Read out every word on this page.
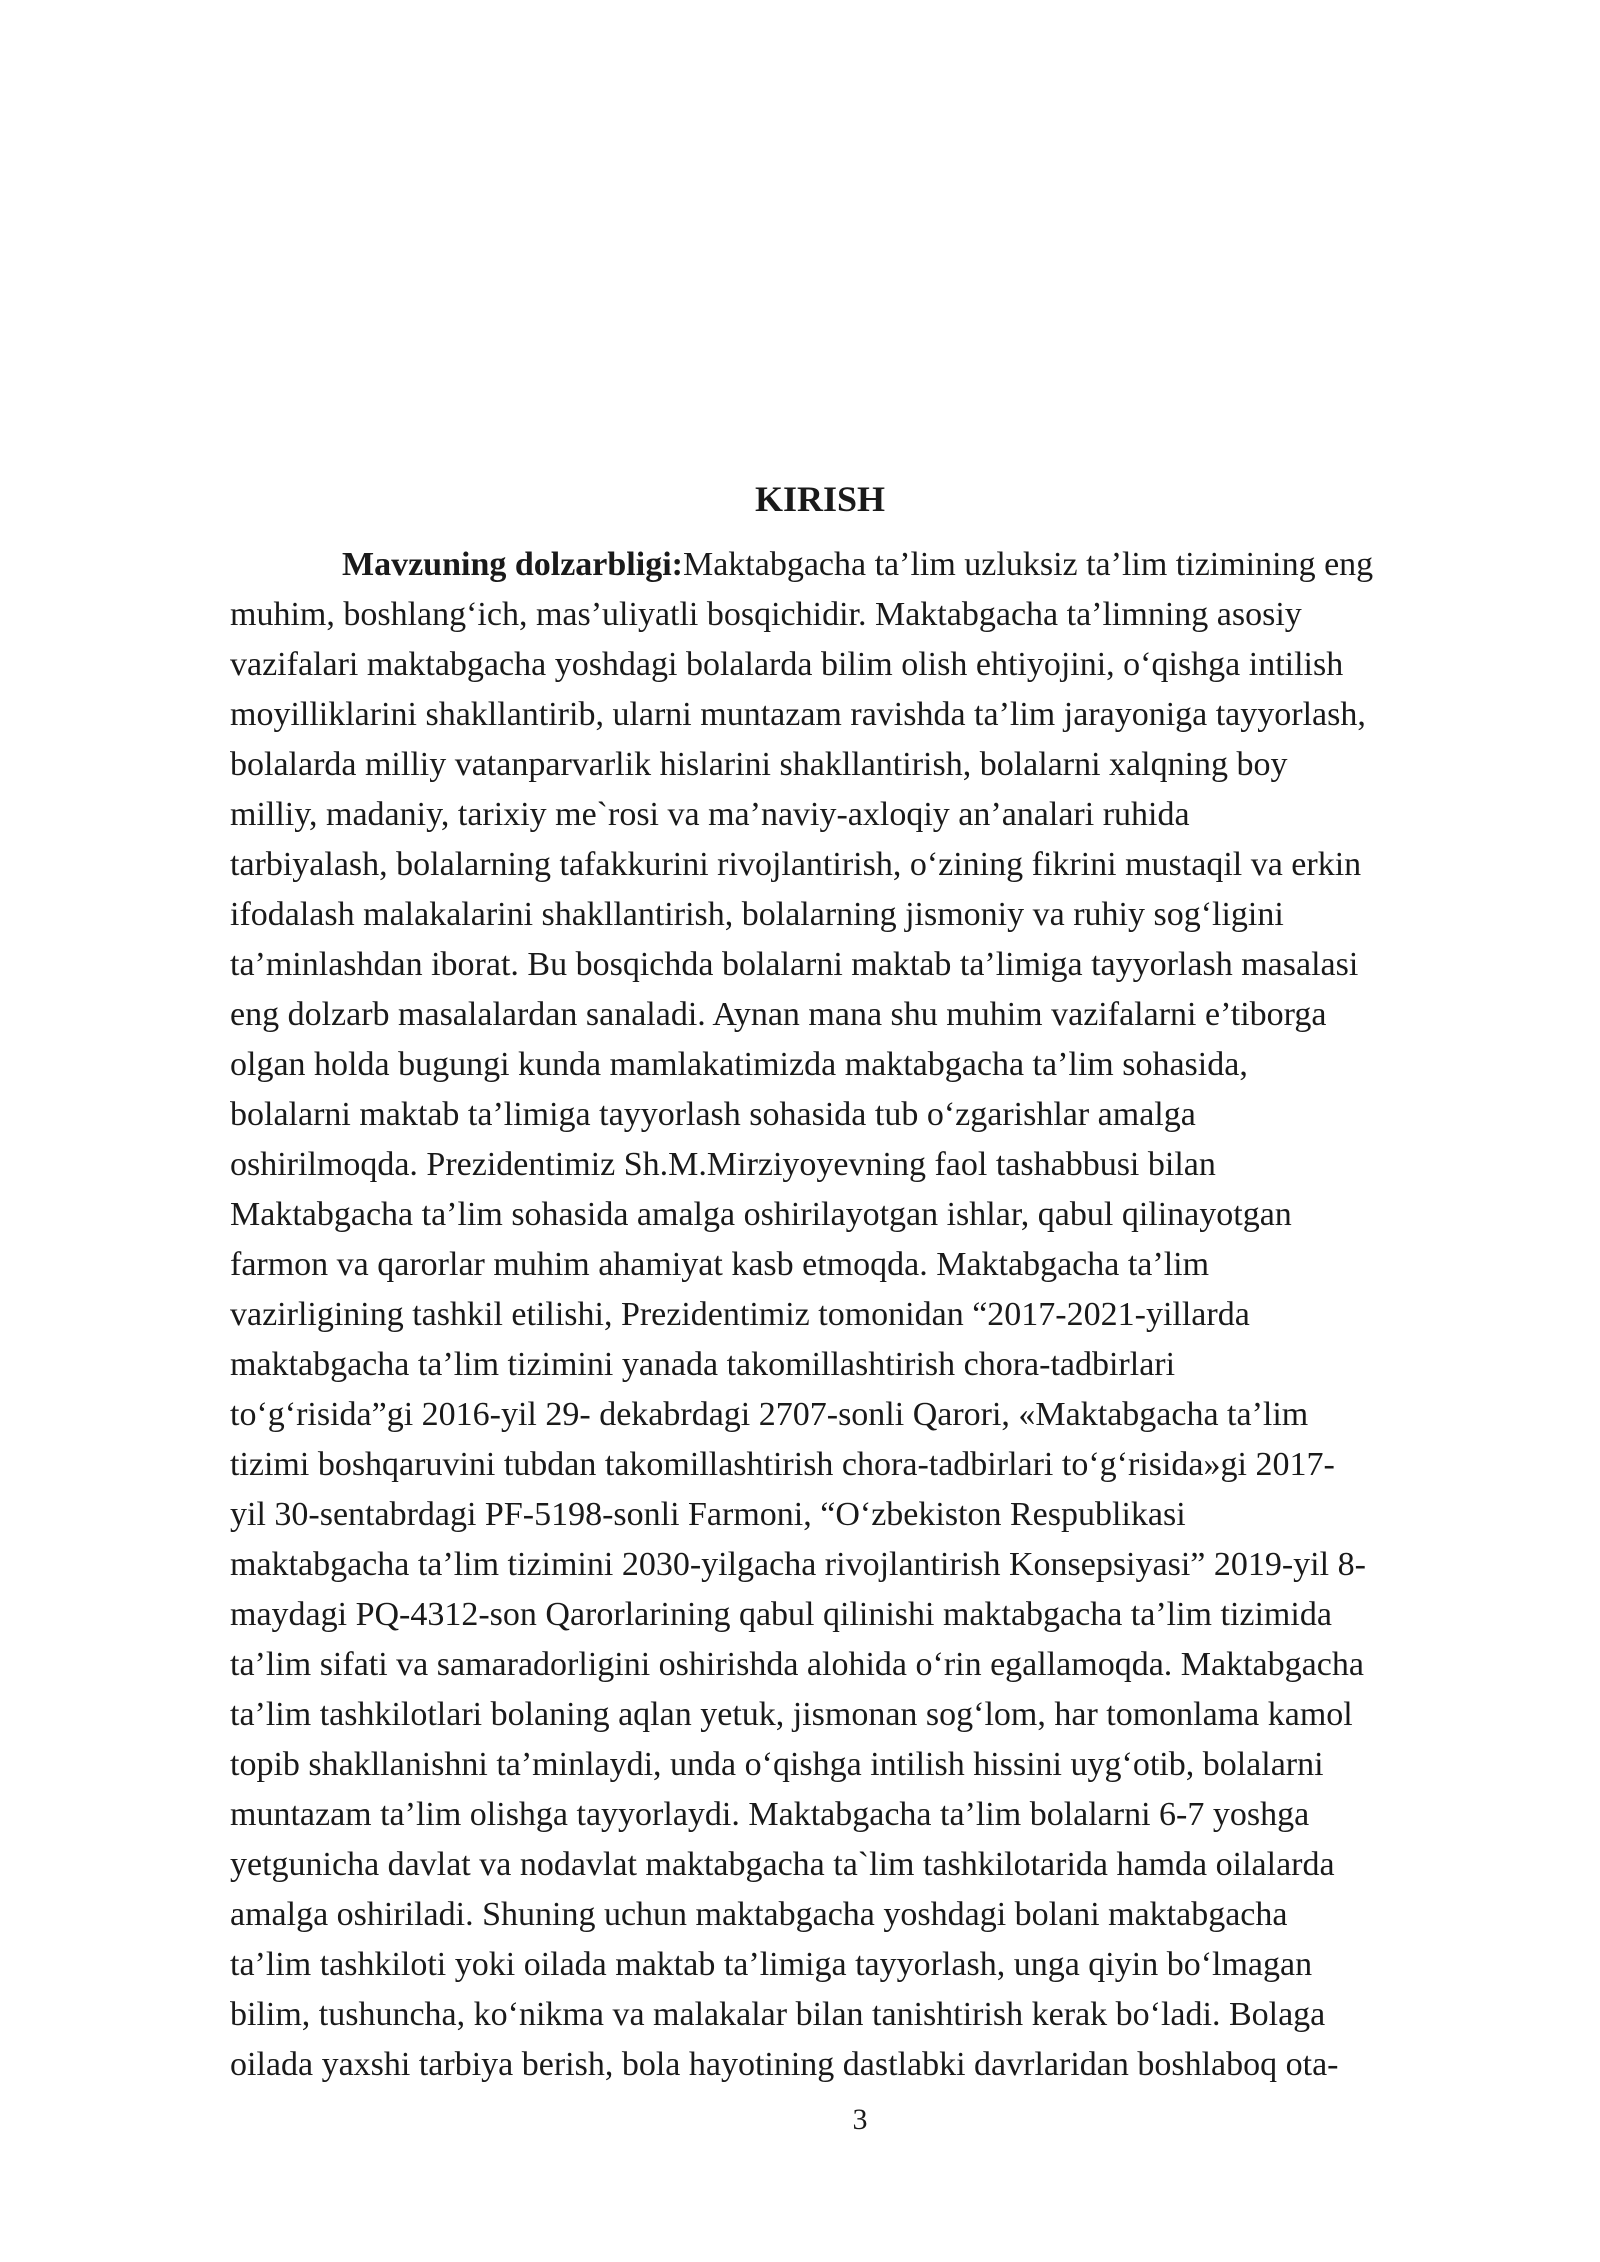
KIRISH
Mavzuning dolzarbligi:Maktabgacha ta’lim uzluksiz ta’lim tizimining eng
muhim, boshlang‘ich, mas’uliyatli bosqichidir. Maktabgacha ta’limning asosiy
vazifalari maktabgacha yoshdagi bolalarda bilim olish ehtiyojini, o‘qishga intilish
moyilliklarini shakllantirib, ularni muntazam ravishda ta’lim jarayoniga tayyorlash,
bolalarda milliy vatanparvarlik hislarini shakllantirish, bolalarni xalqning boy
milliy, madaniy, tarixiy me`rosi va ma’naviy-axloqiy an’analari ruhida
tarbiyalash, bolalarning tafakkurini rivojlantirish, o‘zining fikrini mustaqil va erkin
ifodalash malakalarini shakllantirish, bolalarning jismoniy va ruhiy sog‘ligini
ta’minlashdan iborat. Bu bosqichda bolalarni maktab ta’limiga tayyorlash masalasi
eng dolzarb masalalardan sanaladi. Aynan mana shu muhim vazifalarni e’tiborga
olgan holda bugungi kunda mamlakatimizda maktabgacha ta’lim sohasida,
bolalarni maktab ta’limiga tayyorlash sohasida tub o‘zgarishlar amalga
oshirilmoqda. Prezidentimiz Sh.M.Mirziyoyevning faol tashabbusi bilan
Maktabgacha ta’lim sohasida amalga oshirilayotgan ishlar, qabul qilinayotgan
farmon va qarorlar muhim ahamiyat kasb etmoqda. Maktabgacha ta’lim
vazirligining tashkil etilishi, Prezidentimiz tomonidan “2017-2021-yillarda
maktabgacha ta’lim tizimini yanada takomillashtirish chora-tadbirlari
to‘g‘risida”gi 2016-yil 29- dekabrdagi 2707-sonli Qarori, «Maktabgacha ta’lim
tizimi boshqaruvini tubdan takomillashtirish chora-tadbirlari to‘g‘risida»gi 2017-
yil 30-sentabrdagi PF-5198-sonli Farmoni, “O‘zbekiston Respublikasi
maktabgacha ta’lim tizimini 2030-yilgacha rivojlantirish Konsepsiyasi” 2019-yil 8-
maydagi PQ-4312-son Qarorlarining qabul qilinishi maktabgacha ta’lim tizimida
ta’lim sifati va samaradorligini oshirishda alohida o‘rin egallamoqda. Maktabgacha
ta’lim tashkilotlari bolaning aqlan yetuk, jismonan sog‘lom, har tomonlama kamol
topib shakllanishni ta’minlaydi, unda o‘qishga intilish hissini uyg‘otib, bolalarni
muntazam ta’lim olishga tayyorlaydi. Maktabgacha ta’lim bolalarni 6-7 yoshga
yetgunicha davlat va nodavlat maktabgacha ta`lim tashkilotarida hamda oilalarda
amalga oshiriladi. Shuning uchun maktabgacha yoshdagi bolani maktabgacha
ta’lim tashkiloti yoki oilada maktab ta’limiga tayyorlash, unga qiyin bo‘lmagan
bilim, tushuncha, ko‘nikma va malakalar bilan tanishtirish kerak bo‘ladi. Bolaga
oilada yaxshi tarbiya berish, bola hayotining dastlabki davrlaridan boshlaboq ota-
3
